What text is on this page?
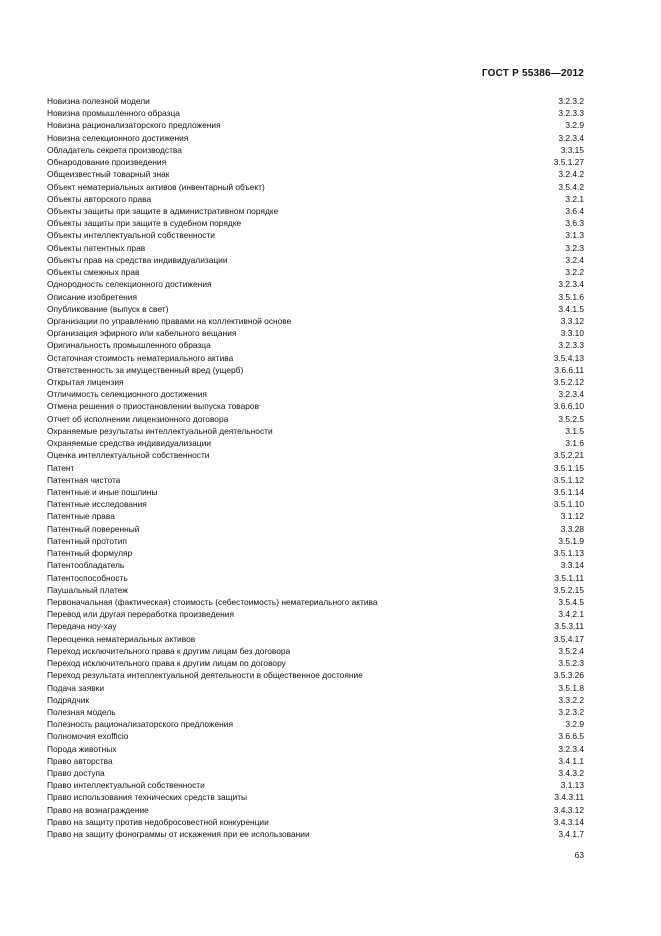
ГОСТ Р 55386—2012
Новизна полезной модели	3.2.3.2
Новизна промышленного образца	3.2.3.3
Новизна рационализаторского предложения	3.2.9
Новизна селекционного достижения	3.2.3.4
Обладатель секрета производства	3.3.15
Обнародование произведения	3.5.1.27
Общеизвестный товарный знак	3.2.4.2
Объект нематериальных активов (инвентарный объект)	3.5.4.2
Объекты авторского права	3.2.1
Объекты защиты при защите в административном порядке	3.6.4
Объекты защиты при защите в судебном порядке	3.6.3
Объекты интеллектуальной собственности	3.1.3
Объекты патентных прав	3.2.3
Объекты прав на средства индивидуализации	3.2.4
Объекты смежных прав	3.2.2
Однородность селекционного достижения	3.2.3.4
Описание изобретения	3.5.1.6
Опубликование (выпуск в свет)	3.4.1.5
Организации по управлению правами на коллективной основе	3.3.12
Организация эфирного или кабельного вещания	3.3.10
Оригинальность промышленного образца	3.2.3.3
Остаточная стоимость нематериального актива	3.5.4.13
Ответственность за имущественный вред (ущерб)	3.6.6.11
Открытая лицензия	3.5.2.12
Отличимость селекционного достижения	3.2.3.4
Отмена решения о приостановлении выпуска товаров	3.6.6.10
Отчет об исполнении лицензионного договора	3.5.2.5
Охраняемые результаты интеллектуальной деятельности	3.1.5
Охраняемые средства индивидуализации	3.1.6
Оценка интеллектуальной собственности	3.5.2.21
Патент	3.5.1.15
Патентная чистота	3.5.1.12
Патентные и иные пошлины	3.5.1.14
Патентные исследования	3.5.1.10
Патентные права	3.1.12
Патентный поверенный	3.3.28
Патентный прототип	3.5.1.9
Патентный формуляр	3.5.1.13
Патентообладатель	3.3.14
Патентоспособность	3.5.1.11
Паушальный платеж	3.5.2.15
Первоначальная (фактическая) стоимость (себестоимость) нематериального актива	3.5.4.5
Перевод или другая переработка произведения	3.4.2.1
Передача ноу-хау	3.5.3.11
Переоценка нематериальных активов	3.5.4.17
Переход исключительного права к другим лицам без договора	3.5.2.4
Переход исключительного права к другим лицам по договору	3.5.2.3
Переход результата интеллектуальной деятельности в общественное достояние	3.5.3.26
Подача заявки	3.5.1.8
Подрядчик	3.3.2.2
Полезная модель	3.2.3.2
Полезность рационализаторского предложения	3.2.9
Полномочия exofficio	3.6.6.5
Порода животных	3.2.3.4
Право авторства	3.4.1.1
Право доступа	3.4.3.2
Право интеллектуальной собственности	3.1.13
Право использования технических средств защиты	3.4.3.11
Право на вознаграждение	3.4.3.12
Право на защиту против недобросовестной конкуренции	3.4.3.14
Право на защиту фонограммы от искажения при ее использовании	3.4.1.7
63
